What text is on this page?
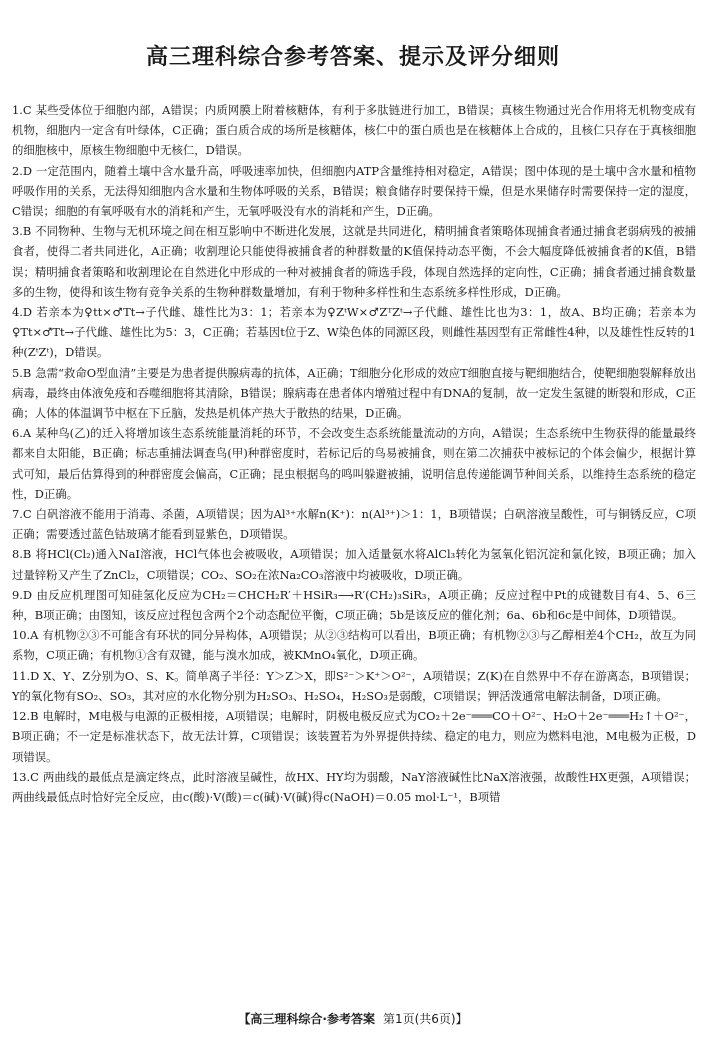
高三理科综合参考答案、提示及评分细则
1.C 某些受体位于细胞内部，A错误；内质网膜上附着核糖体，有利于多肽链进行加工，B错误；真核生物通过光合作用将无机物变成有机物，细胞内一定含有叶绿体，C正确；蛋白质合成的场所是核糖体，核仁中的蛋白质也是在核糖体上合成的，且核仁只存在于真核细胞的细胞核中，原核生物细胞中无核仁，D错误。
2.D 一定范围内，随着土壤中含水量升高，呼吸速率加快，但细胞内ATP含量维持相对稳定，A错误；图中体现的是土壤中含水量和植物呼吸作用的关系，无法得知细胞内含水量和生物体呼吸的关系，B错误；粮食储存时要保持干燥，但是水果储存时需要保持一定的湿度，C错误；细胞的有氧呼吸有水的消耗和产生，无氧呼吸没有水的消耗和产生，D正确。
3.B 不同物种、生物与无机环境之间在相互影响中不断进化发展，这就是共同进化，精明捕食者策略体现捕食者通过捕食老弱病残的被捕食者，使得二者共同进化，A正确；收割理论只能使得被捕食者的种群数量的K值保持动态平衡，不会大幅度降低被捕食者的K值，B错误；精明捕食者策略和收割理论在自然进化中形成的一种对被捕食者的筛选手段，体现自然选择的定向性，C正确；捕食者通过捕食数量多的生物，使得和该生物有竞争关系的生物种群数量增加，有利于物种多样性和生态系统多样性形成，D正确。
4.D 若亲本为♀tt×♂Tt→子代雌、雄性比为3：1；若亲本为♀ZᵗW×♂ZᵀZᵗ→子代雌、雄性比也为3：1，故A、B均正确；若亲本为♀Tt×♂Tt→子代雌、雄性比为5：3，C正确；若基因t位于Z、W染色体的同源区段，则雌性基因型有正常雌性4种，以及雄性性反转的1种(ZᵗZᵗ)，D错误。
5.B 急需“救命O型血清”主要是为患者提供腺病毒的抗体，A正确；T细胞分化形成的效应T细胞直接与靶细胞结合，使靶细胞裂解释放出病毒，最终由体液免疫和吞噬细胞将其清除，B错误；腺病毒在患者体内增殖过程中有DNA的复制，故一定发生氢键的断裂和形成，C正确；人体的体温调节中枢在下丘脑，发热是机体产热大于散热的结果，D正确。
6.A 某种鸟(乙)的迁入将增加该生态系统能量消耗的环节，不会改变生态系统能量流动的方向，A错误；生态系统中生物获得的能量最终都来自太阳能，B正确；标志重捕法调查鸟(甲)种群密度时，若标记后的鸟易被捕食，则在第二次捕获中被标记的个体会偏少，根据计算式可知，最后估算得到的种群密度会偏高，C正确；昆虫根据鸟的鸣叫躲避被捕，说明信息传递能调节种间关系，以维持生态系统的稳定性，D正确。
7.C 白矾溶液不能用于消毒、杀菌，A项错误；因为Al³⁺水解n(K⁺)：n(Al³⁺)＞1：1，B项错误；白矾溶液呈酸性，可与铜锈反应，C项正确；需要透过蓝色钴玻璃才能看到显紫色，D项错误。
8.B 将HCl(Cl₂)通入NaI溶液，HCl气体也会被吸收，A项错误；加入适量氨水将AlCl₃转化为氢氧化铝沉淀和氯化铵，B项正确；加入过量锌粉又产生了ZnCl₂，C项错误；CO₂、SO₂在浓Na₂CO₃溶液中均被吸收，D项正确。
9.D 由反应机理图可知硅氢化反应为CH₂＝CHCH₂R′＋HSiR₃⟶R′(CH₂)₃SiR₃，A项正确；反应过程中Pt的成键数目有4、5、6三种，B项正确；由图知，该反应过程包含两个2个动态配位平衡，C项正确；5b是该反应的催化剂；6a、6b和6c是中间体，D项错误。
10.A 有机物②③不可能含有环状的同分异构体，A项错误；从②③结构可以看出，B项正确；有机物②③与乙醇相差4个CH₂，故互为同系物，C项正确；有机物①含有双键，能与溴水加成，被KMnO₄氧化，D项正确。
11.D X、Y、Z分别为O、S、K。简单离子半径：Y＞Z＞X，即S²⁻＞K⁺＞O²⁻，A项错误；Z(K)在自然界中不存在游离态，B项错误；Y的氧化物有SO₂、SO₃，其对应的水化物分别为H₂SO₃、H₂SO₄，H₂SO₃是弱酸，C项错误；钾活泼通常电解法制备，D项正确。
12.B 电解时，M电极与电源的正极相接，A项错误；电解时，阴极电极反应式为CO₂＋2e⁻═══CO＋O²⁻、H₂O＋2e⁻═══H₂↑＋O²⁻，B项正确；不一定是标准状态下，故无法计算，C项错误；该装置若为外界提供持续、稳定的电力，则应为燃料电池，M电极为正极，D项错误。
13.C 两曲线的最低点是滴定终点，此时溶液呈碱性，故HX、HY均为弱酸，NaY溶液碱性比NaX溶液强，故酸性HX更强，A项错误；两曲线最低点时恰好完全反应，由c(酸)·V(酸)＝c(碱)·V(碱)得c(NaOH)＝0.05 mol·L⁻¹，B项错
【高三理科综合·参考答案 第1页(共6页)】
